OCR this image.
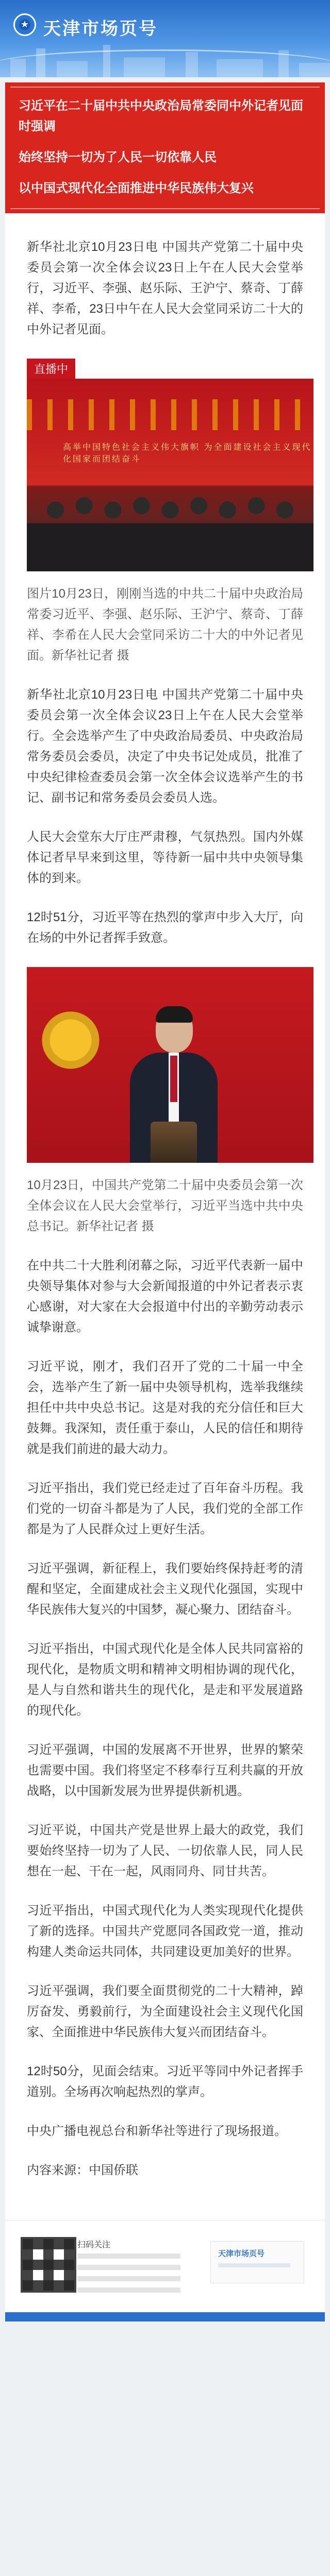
★
天津市场页号

习近平在二十届中共中央政治局常委同中外记者见面时强调

始终坚持一切为了人民一切依靠人民

以中国式现代化全面推进中华民族伟大复兴

新华社北京10月23日电 中国共产党第二十届中央委员会第一次全体会议23日上午在人民大会堂举行，习近平、李强、赵乐际、王沪宁、蔡奇、丁薛祥、李希，23日中午在人民大会堂同采访二十大的中外记者见面。

直播中
高举中国特色社会主义伟大旗帜 为全面建设社会主义现代化国家而团结奋斗

图片10月23日，刚刚当选的中共二十届中央政治局常委习近平、李强、赵乐际、王沪宁、蔡奇、丁薛祥、李希在人民大会堂同采访二十大的中外记者见面。新华社记者 摄

新华社北京10月23日电 中国共产党第二十届中央委员会第一次全体会议23日上午在人民大会堂举行。全会选举产生了中央政治局委员、中央政治局常务委员会委员，决定了中央书记处成员，批准了中央纪律检查委员会第一次全体会议选举产生的书记、副书记和常务委员会委员人选。

人民大会堂东大厅庄严肃穆，气氛热烈。国内外媒体记者早早来到这里，等待新一届中共中央领导集体的到来。

12时51分，习近平等在热烈的掌声中步入大厅，向在场的中外记者挥手致意。

10月23日，中国共产党第二十届中央委员会第一次全体会议在人民大会堂举行，习近平当选中共中央总书记。新华社记者 摄

在中共二十大胜利闭幕之际，习近平代表新一届中央领导集体对参与大会新闻报道的中外记者表示衷心感谢，对大家在大会报道中付出的辛勤劳动表示诚挚谢意。

习近平说，刚才，我们召开了党的二十届一中全会，选举产生了新一届中央领导机构，选举我继续担任中共中央总书记。这是对我的充分信任和巨大鼓舞。我深知，责任重于泰山，人民的信任和期待就是我们前进的最大动力。

习近平指出，我们党已经走过了百年奋斗历程。我们党的一切奋斗都是为了人民，我们党的全部工作都是为了人民群众过上更好生活。

习近平强调，新征程上，我们要始终保持赶考的清醒和坚定，全面建成社会主义现代化强国，实现中华民族伟大复兴的中国梦，凝心聚力、团结奋斗。

习近平指出，中国式现代化是全体人民共同富裕的现代化，是物质文明和精神文明相协调的现代化，是人与自然和谐共生的现代化，是走和平发展道路的现代化。

习近平强调，中国的发展离不开世界，世界的繁荣也需要中国。我们将坚定不移奉行互利共赢的开放战略，以中国新发展为世界提供新机遇。

习近平说，中国共产党是世界上最大的政党，我们要始终坚持一切为了人民、一切依靠人民，同人民想在一起、干在一起，风雨同舟、同甘共苦。

习近平指出，中国式现代化为人类实现现代化提供了新的选择。中国共产党愿同各国政党一道，推动构建人类命运共同体，共同建设更加美好的世界。

习近平强调，我们要全面贯彻党的二十大精神，踔厉奋发、勇毅前行，为全面建设社会主义现代化国家、全面推进中华民族伟大复兴而团结奋斗。

12时50分，见面会结束。习近平等同中外记者挥手道别。全场再次响起热烈的掌声。

中央广播电视总台和新华社等进行了现场报道。

内容来源：中国侨联

扫码关注
天津市场页号
